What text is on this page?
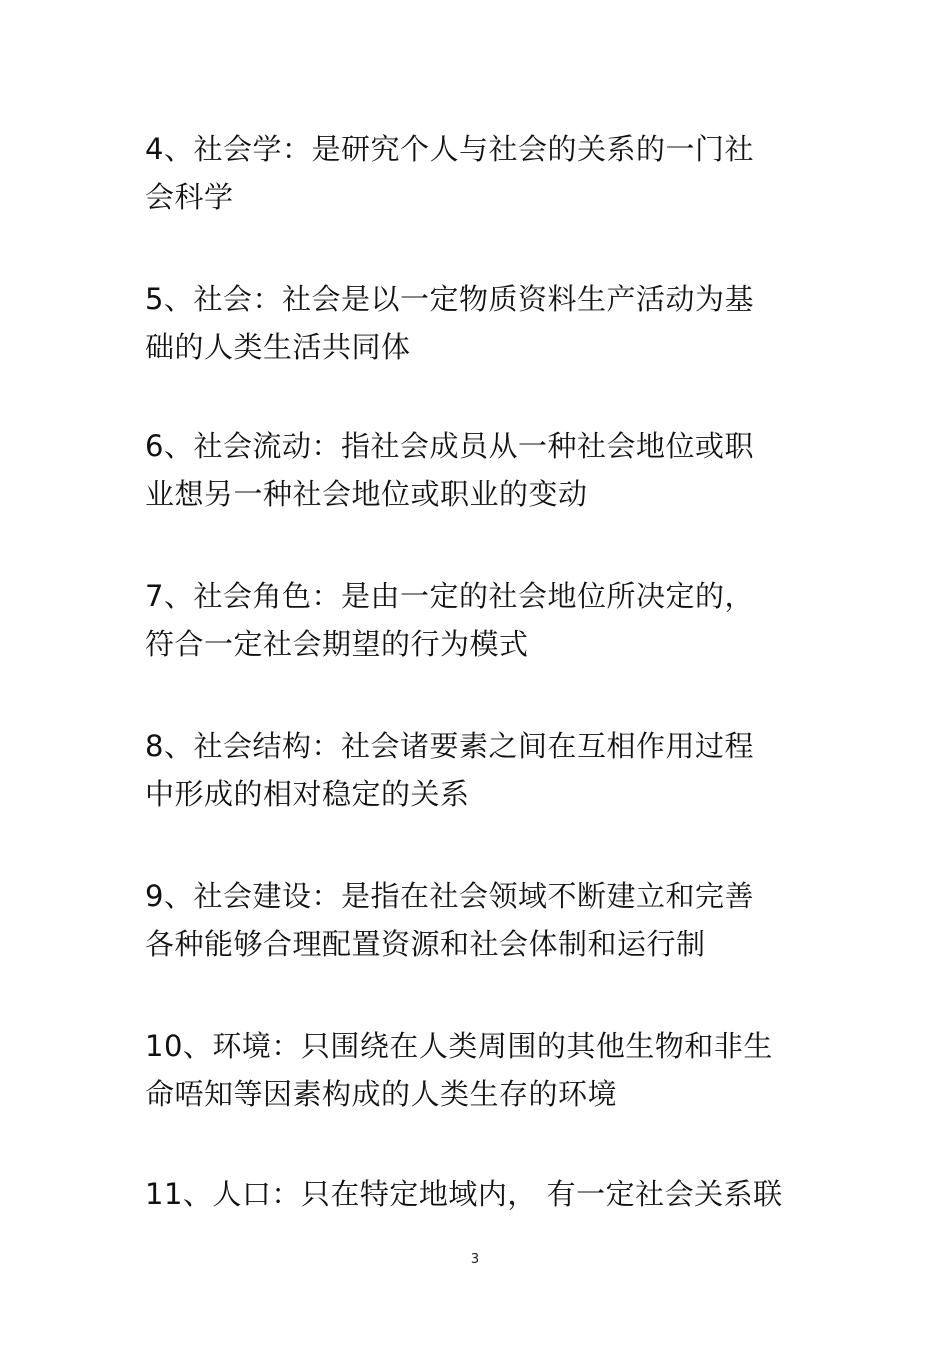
4、社会学：是研究个人与社会的关系的一门社
会科学
5、社会：社会是以一定物质资料生产活动为基
础的人类生活共同体
6、社会流动：指社会成员从一种社会地位或职
业想另一种社会地位或职业的变动
7、社会角色：是由一定的社会地位所决定的，
符合一定社会期望的行为模式
8、社会结构：社会诸要素之间在互相作用过程
中形成的相对稳定的关系
9、社会建设：是指在社会领域不断建立和完善
各种能够合理配置资源和社会体制和运行制
10、环境：只围绕在人类周围的其他生物和非生
命唔知等因素构成的人类生存的环境
11、人口：只在特定地域内， 有一定社会关系联
3
